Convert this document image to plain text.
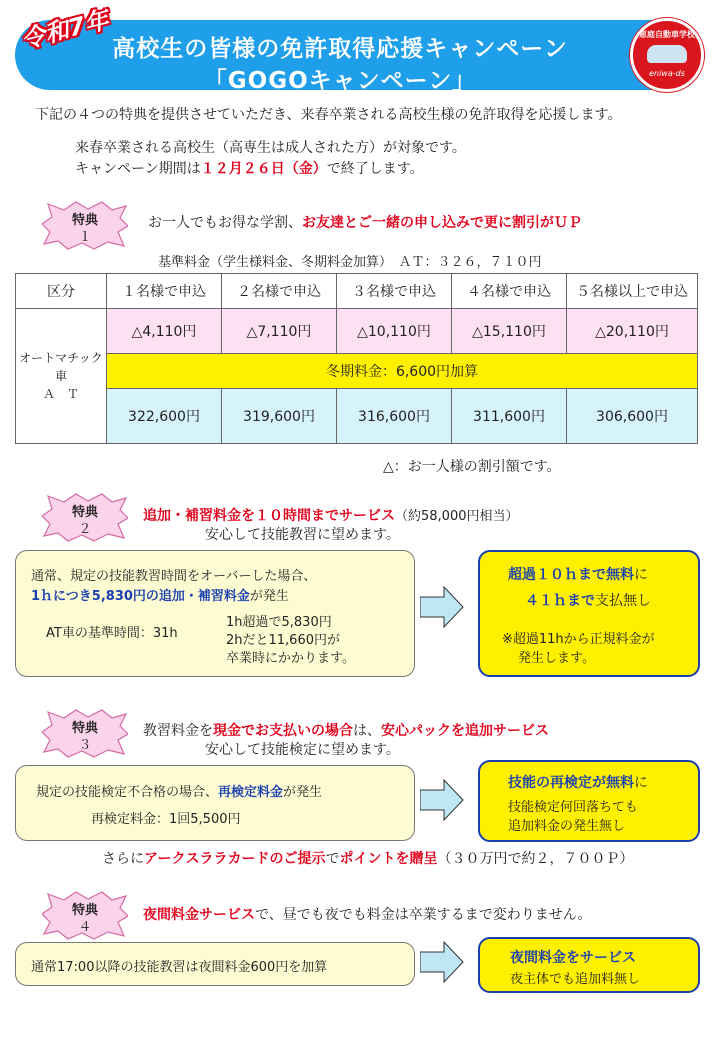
令和7年 高校生の皆様の免許取得応援キャンペーン
「GOGOキャンペーン」
恵庭自動車学校
eniwa-ds
下記の４つの特典を提供させていただき、来春卒業される高校生様の免許取得を応援します。
来春卒業される高校生（高専生は成人された方）が対象です。
キャンペーン期間は１２月２６日（金）で終了します。
特典
１
お一人でもお得な学割、お友達とご一緒の申し込みで更に割引がＵＰ
基準料金（学生様料金、冬期料金加算）　ＡＴ：３２６，７１０円
区分	１名様で申込	２名様で申込	３名様で申込	４名様で申込	５名様以上で申込

オートマチック車
Ａ　Ｔ	△4,110円	△7,110円	△10,110円	△15,110円	△20,110円
	冬期料金：6,600円加算				
	322,600円	319,600円	316,600円	311,600円	306,600円
△：お一人様の割引額です。
特典
２
追加・補習料金を１０時間までサービス（約58,000円相当）
安心して技能教習に望めます。
通常、規定の技能教習時間をオーバーした場合、
1ｈにつき5,830円の追加・補習料金が発生
AT車の基準時間：31h
1h超過で5,830円
2hだと11,660円が
卒業時にかかります。
超過１０ｈまで無料に
４１ｈまで支払無し
※超過11hから正規料金が
発生します。
特典
３
教習料金を現金でお支払いの場合は、安心パックを追加サービス
安心して技能検定に望めます。
規定の技能検定不合格の場合、再検定料金が発生
再検定料金：1回5,500円
技能の再検定が無料に
技能検定何回落ちても
追加料金の発生無し
さらにアークスララカードのご提示でポイントを贈呈（３０万円で約２，７００Ｐ）
特典
４
夜間料金サービスで、昼でも夜でも料金は卒業するまで変わりません。
通常17:00以降の技能教習は夜間料金600円を加算
夜間料金をサービス
夜主体でも追加料無し
